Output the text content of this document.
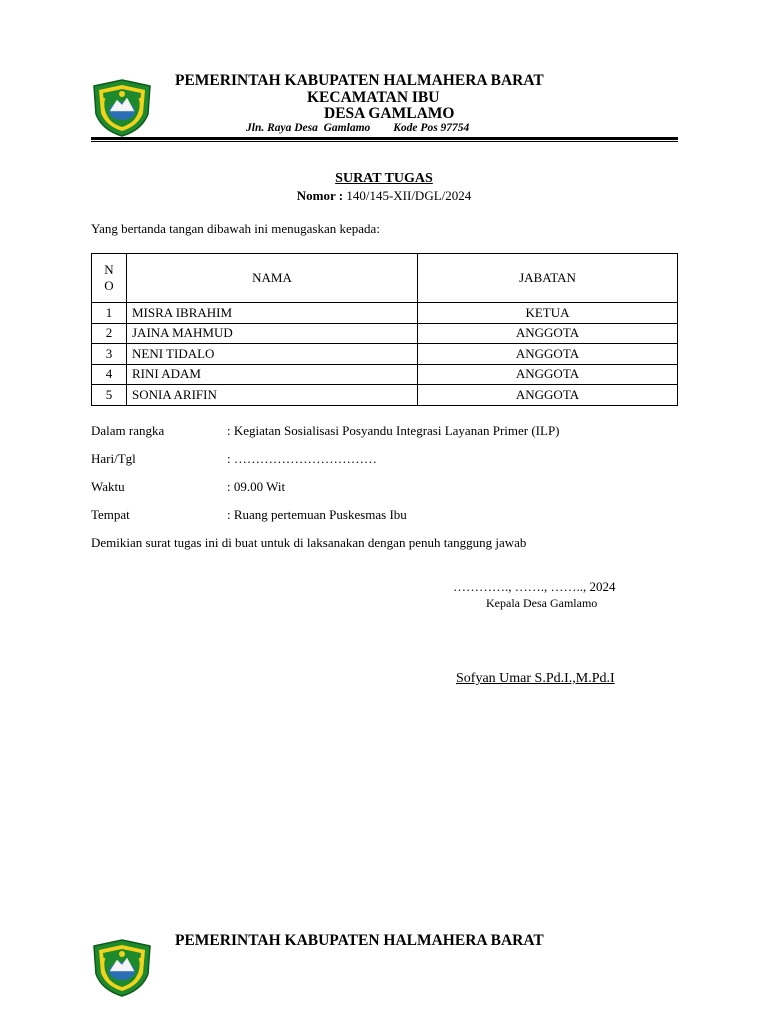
PEMERINTAH KABUPATEN HALMAHERA BARAT
KECAMATAN IBU
DESA GAMLAMO
Jln. Raya Desa  Gamlamo        Kode Pos 97754
SURAT TUGAS
Nomor : 140/145-XII/DGL/2024
Yang bertanda tangan dibawah ini menugaskan kepada:
N
O	NAMA	JABATAN
1	MISRA IBRAHIM	KETUA
2	JAINA MAHMUD	ANGGOTA
3	NENI TIDALO	ANGGOTA
4	RINI ADAM	ANGGOTA
5	SONIA ARIFIN	ANGGOTA
Dalam rangka	: Kegiatan Sosialisasi Posyandu Integrasi Layanan Primer (ILP)
Hari/Tgl	: ……………………………
Waktu	: 09.00 Wit
Tempat	: Ruang pertemuan Puskesmas Ibu
Demikian surat tugas ini di buat untuk di laksanakan dengan penuh tanggung jawab
…………., ……., …….., 2024
Kepala Desa Gamlamo
Sofyan Umar S.Pd.I.,M.Pd.I
PEMERINTAH KABUPATEN HALMAHERA BARAT
